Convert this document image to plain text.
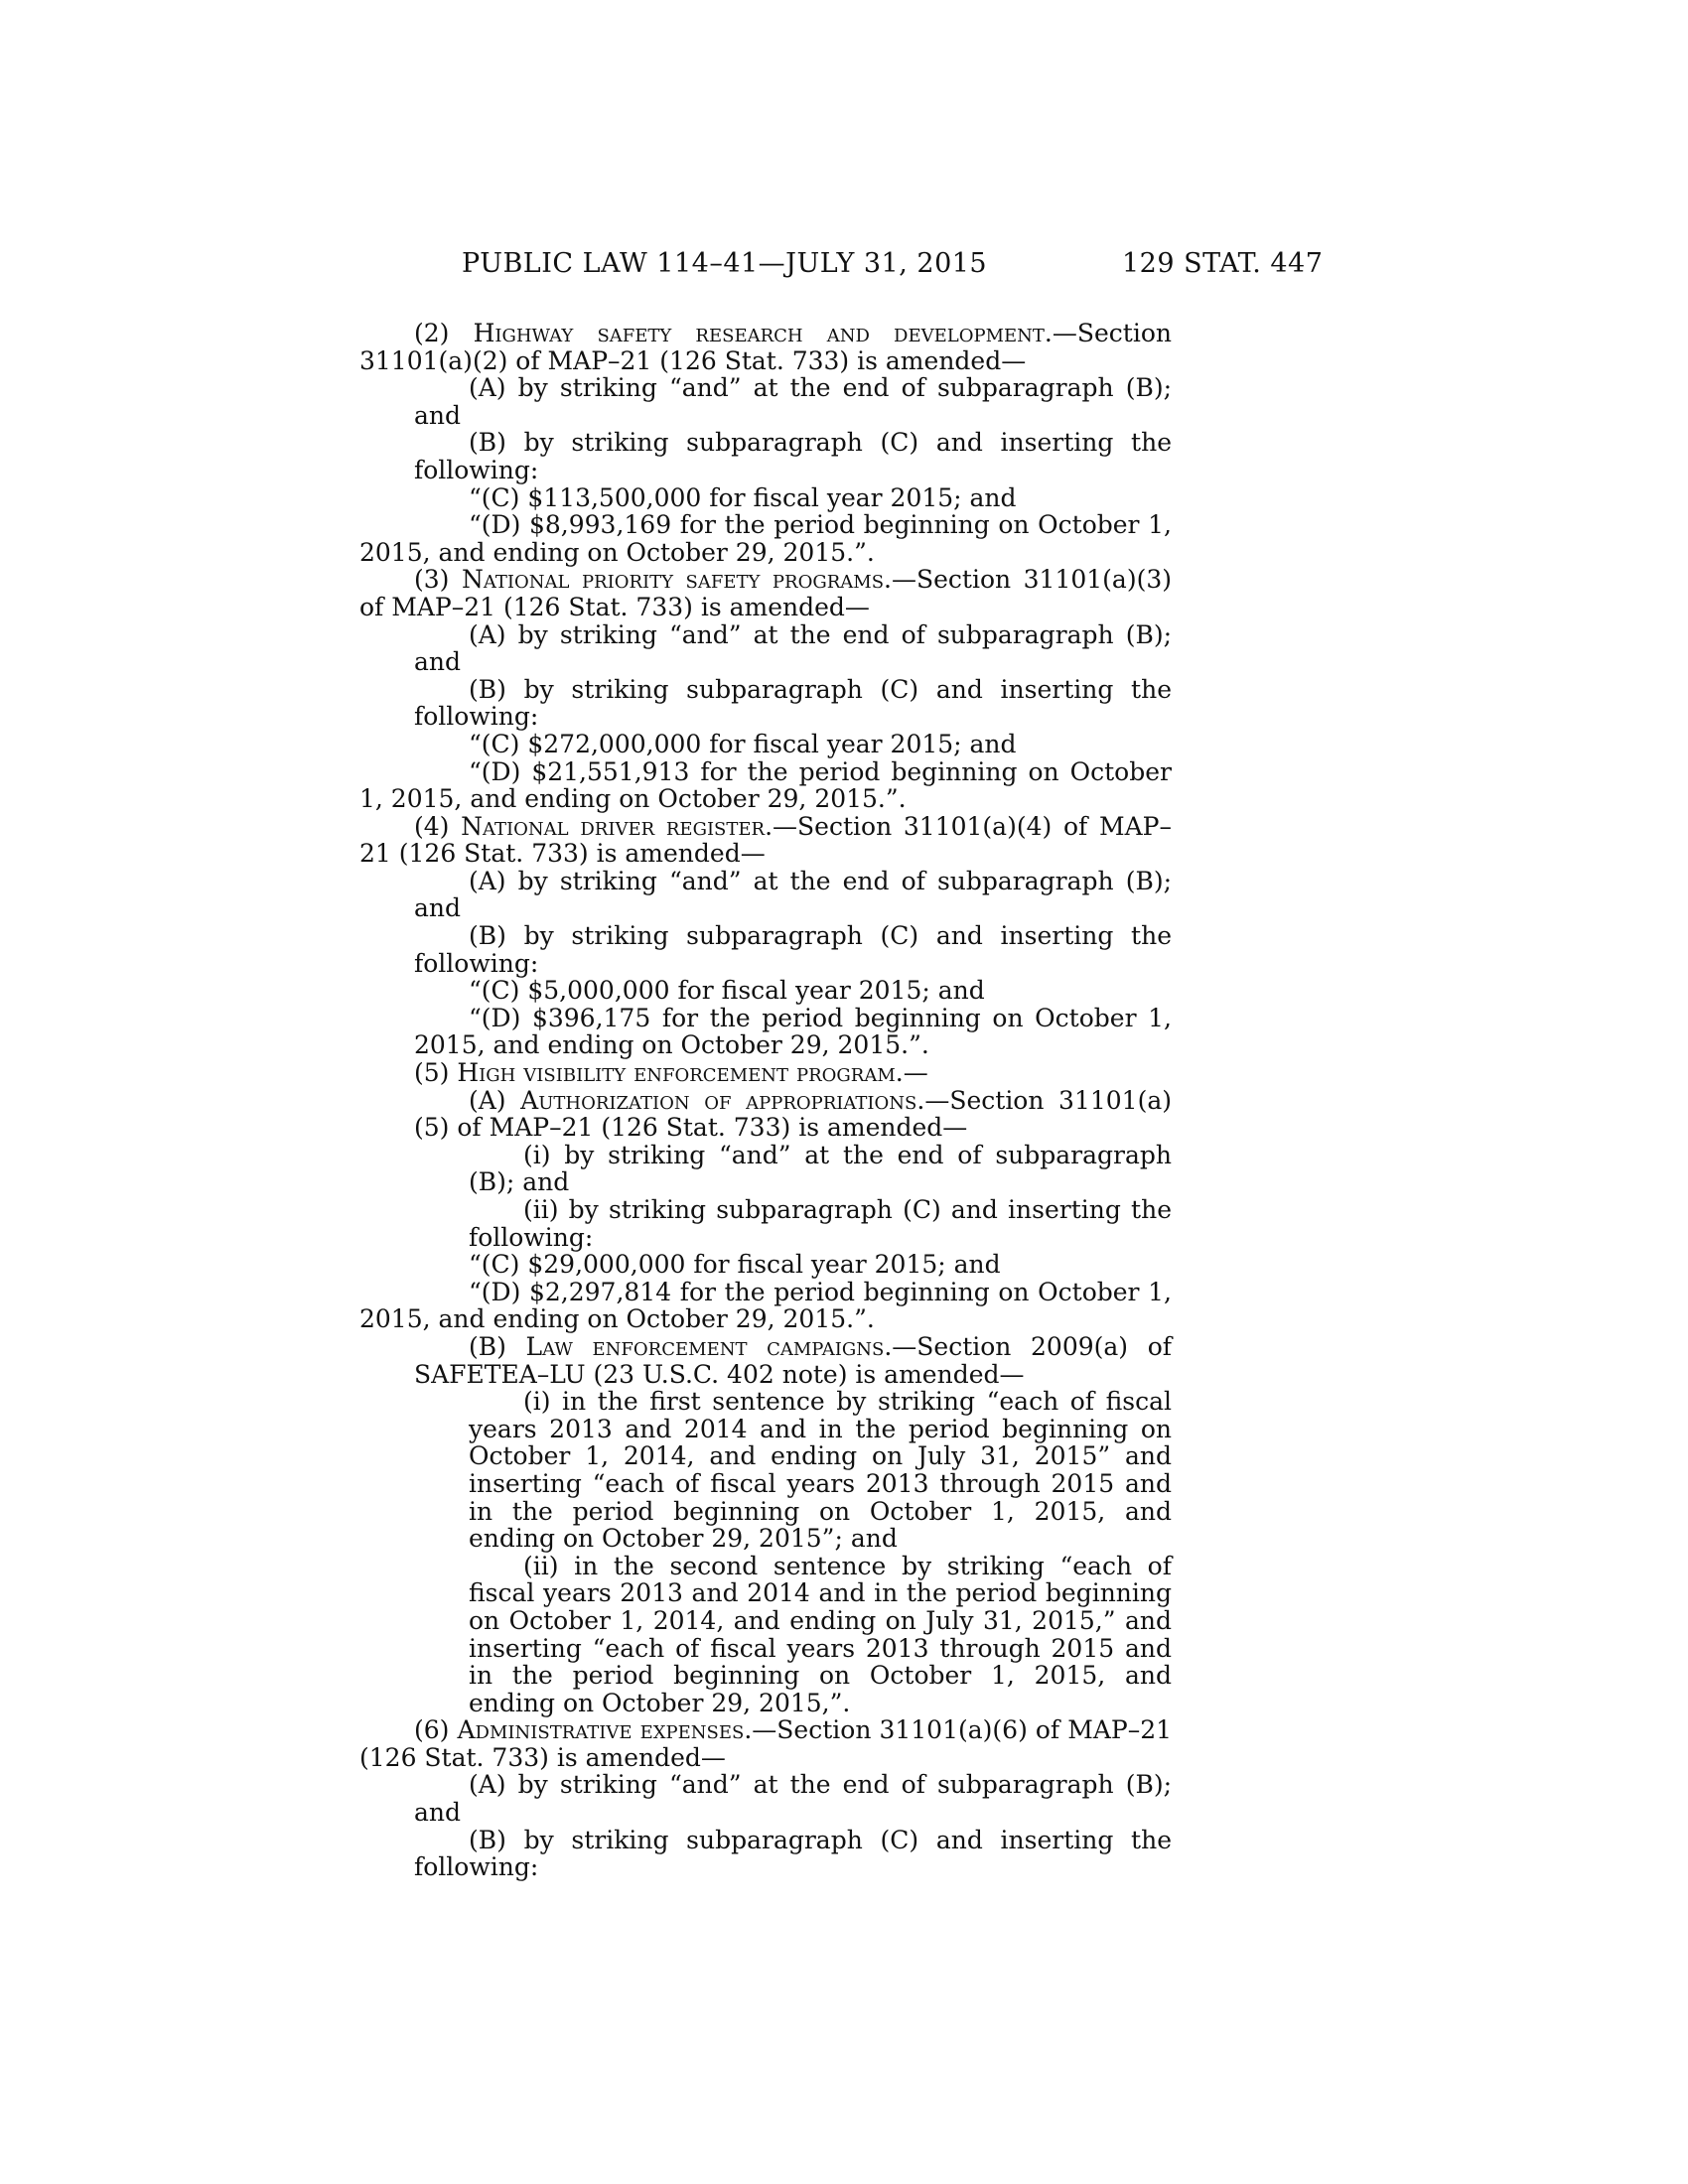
PUBLIC LAW 114–41—JULY 31, 2015	129 STAT. 447

(2) Highway safety research and development.—Section 31101(a)(2) of MAP–21 (126 Stat. 733) is amended—

(A) by striking “and” at the end of subparagraph (B); and

(B) by striking subparagraph (C) and inserting the following:

“(C) $113,500,000 for fiscal year 2015; and

“(D) $8,993,169 for the period beginning on October 1, 2015, and ending on October 29, 2015.”.

(3) National priority safety programs.—Section 31101(a)(3) of MAP–21 (126 Stat. 733) is amended—

(A) by striking “and” at the end of subparagraph (B); and

(B) by striking subparagraph (C) and inserting the following:

“(C) $272,000,000 for fiscal year 2015; and

“(D) $21,551,913 for the period beginning on October 1, 2015, and ending on October 29, 2015.”.

(4) National driver register.—Section 31101(a)(4) of MAP–21 (126 Stat. 733) is amended—

(A) by striking “and” at the end of subparagraph (B); and

(B) by striking subparagraph (C) and inserting the following:

“(C) $5,000,000 for fiscal year 2015; and

“(D) $396,175 for the period beginning on October 1, 2015, and ending on October 29, 2015.”.

(5) High visibility enforcement program.—

(A) Authorization of appropriations.—Section 31101(a)(5) of MAP–21 (126 Stat. 733) is amended—

(i) by striking “and” at the end of subparagraph (B); and

(ii) by striking subparagraph (C) and inserting the following:

“(C) $29,000,000 for fiscal year 2015; and

“(D) $2,297,814 for the period beginning on October 1, 2015, and ending on October 29, 2015.”.

(B) Law enforcement campaigns.—Section 2009(a) of SAFETEA–LU (23 U.S.C. 402 note) is amended—

(i) in the first sentence by striking “each of fiscal years 2013 and 2014 and in the period beginning on October 1, 2014, and ending on July 31, 2015” and inserting “each of fiscal years 2013 through 2015 and in the period beginning on October 1, 2015, and ending on October 29, 2015”; and

(ii) in the second sentence by striking “each of fiscal years 2013 and 2014 and in the period beginning on October 1, 2014, and ending on July 31, 2015,” and inserting “each of fiscal years 2013 through 2015 and in the period beginning on October 1, 2015, and ending on October 29, 2015,”.

(6) Administrative expenses.—Section 31101(a)(6) of MAP–21 (126 Stat. 733) is amended—

(A) by striking “and” at the end of subparagraph (B); and

(B) by striking subparagraph (C) and inserting the following:
